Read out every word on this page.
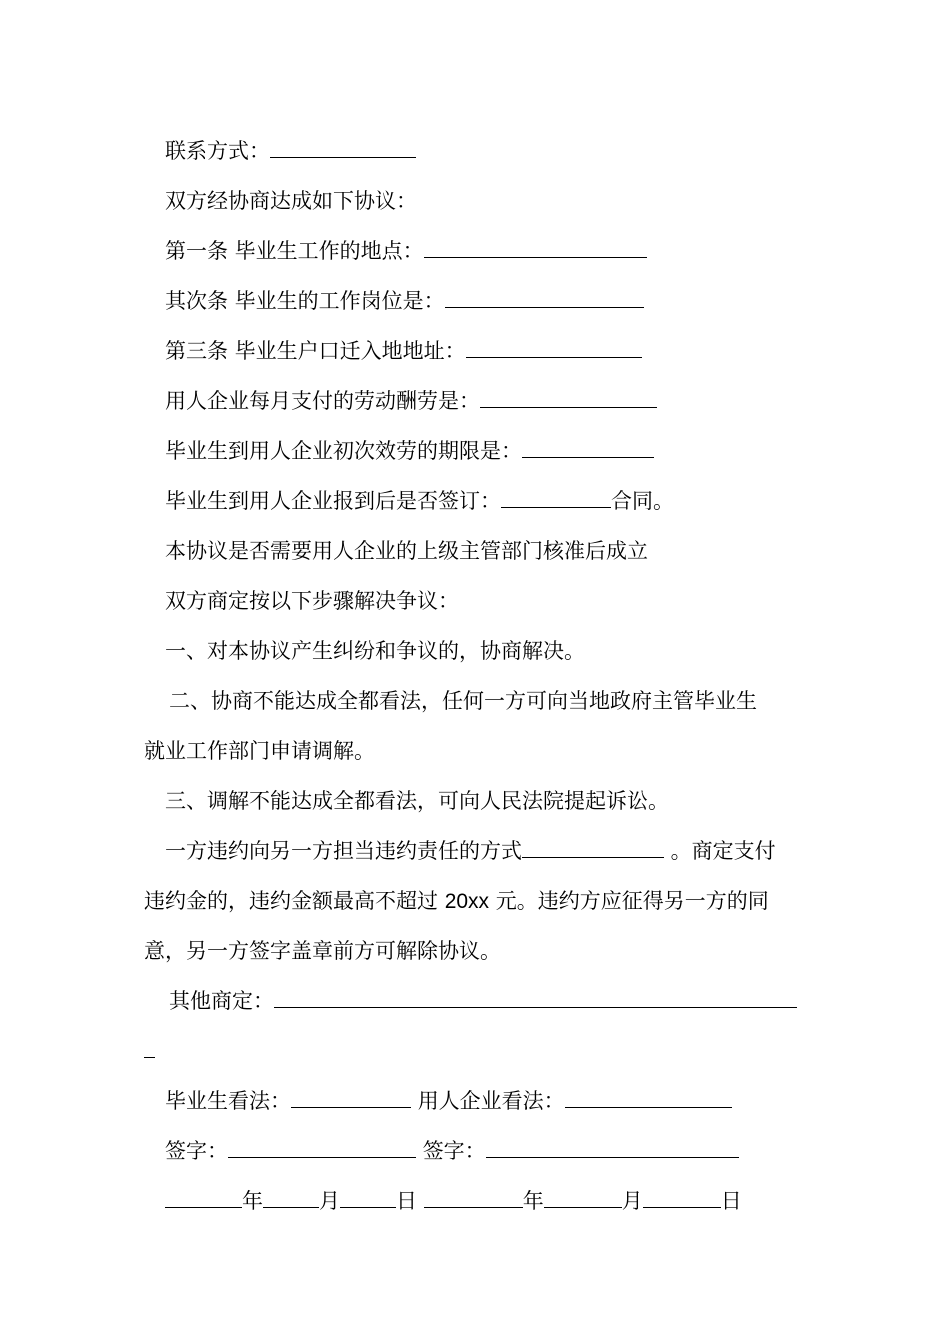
联系方式：
双方经协商达成如下协议：
第一条 毕业生工作的地点：
其次条 毕业生的工作岗位是：
第三条 毕业生户口迁入地地址：
用人企业每月支付的劳动酬劳是：
毕业生到用人企业初次效劳的期限是：
毕业生到用人企业报到后是否签订：	合同。
本协议是否需要用人企业的上级主管部门核准后成立
双方商定按以下步骤解决争议：
一、对本协议产生纠纷和争议的，协商解决。
二、协商不能达成全都看法，任何一方可向当地政府主管毕业生
就业工作部门申请调解。
三、调解不能达成全都看法，可向人民法院提起诉讼。
一方违约向另一方担当违约责任的方式	。商定支付
违约金的，违约金额最高不超过 20xx 元。违约方应征得另一方的同
意，另一方签字盖章前方可解除协议。
其他商定：
毕业生看法：	用人企业看法：
签字：	签字：
年	月	日	年	月	日
